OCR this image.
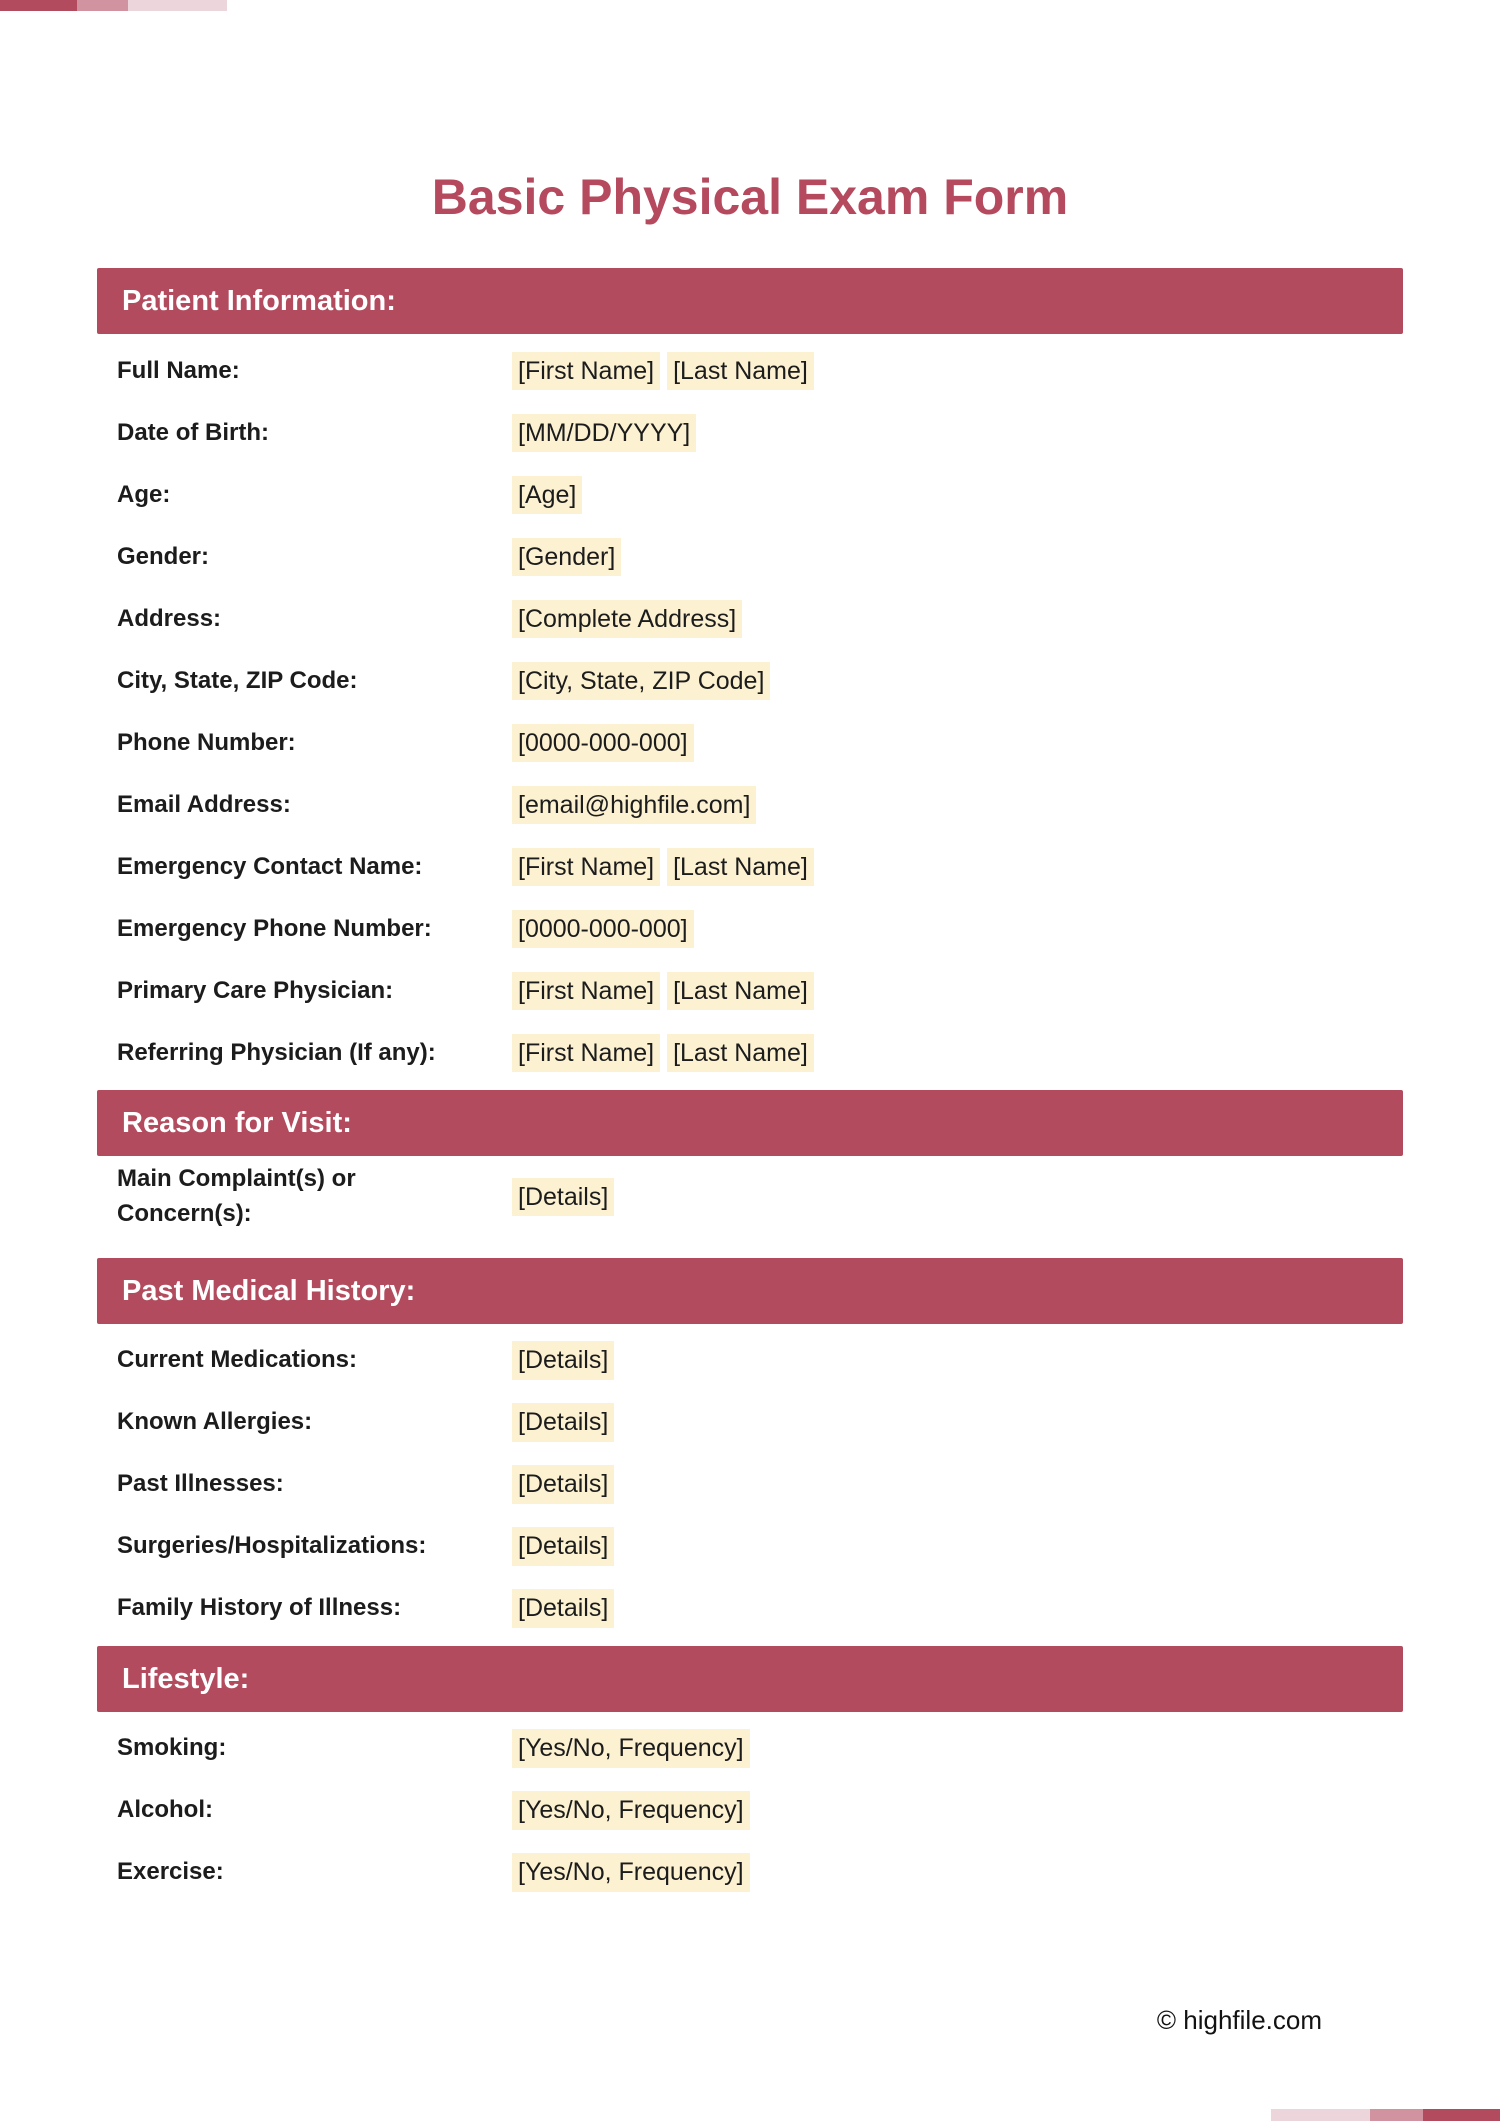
Basic Physical Exam Form
Patient Information:
Full Name:	[First Name] [Last Name]
Date of Birth:	[MM/DD/YYYY]
Age:	[Age]
Gender:	[Gender]
Address:	[Complete Address]
City, State, ZIP Code:	[City, State, ZIP Code]
Phone Number:	[0000-000-000]
Email Address:	[email@highfile.com]
Emergency Contact Name:	[First Name] [Last Name]
Emergency Phone Number:	[0000-000-000]
Primary Care Physician:	[First Name] [Last Name]
Referring Physician (If any):	[First Name] [Last Name]
Reason for Visit:
Main Complaint(s) or Concern(s):
[Details]
Past Medical History:
Current Medications:	[Details]
Known Allergies:	[Details]
Past Illnesses:	[Details]
Surgeries/Hospitalizations:	[Details]
Family History of Illness:	[Details]
Lifestyle:
Smoking:	[Yes/No, Frequency]
Alcohol:	[Yes/No, Frequency]
Exercise:	[Yes/No, Frequency]
© highfile.com
